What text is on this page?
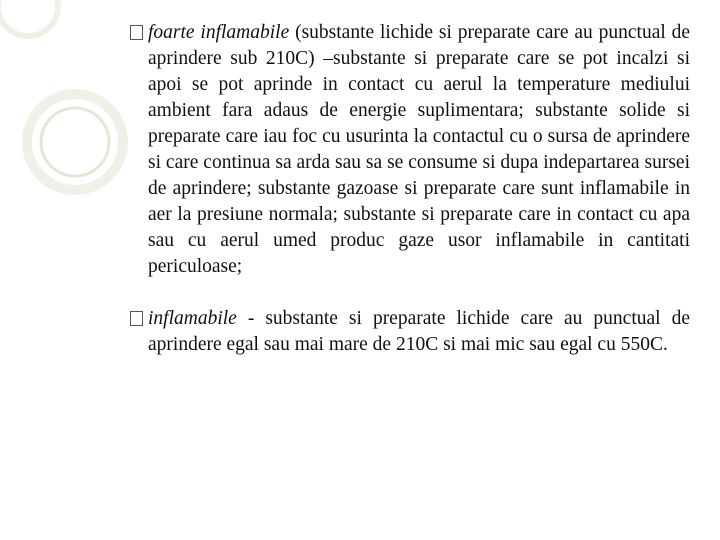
foarte inflamabile (substante lichide si preparate care au punctual de aprindere sub 210C) –substante si preparate care se pot incalzi si apoi se pot aprinde in contact cu aerul la temperature mediului ambient fara adaus de energie suplimentara; substante solide si preparate care iau foc cu usurinta la contactul cu o sursa de aprindere si care continua sa arda sau sa se consume si dupa indepartarea sursei de aprindere; substante gazoase si preparate care sunt inflamabile in aer la presiune normala; substante si preparate care in contact cu apa sau cu aerul umed produc gaze usor inflamabile in cantitati periculoase;

inflamabile - substante si preparate lichide care au punctual de aprindere egal sau mai mare de 210C si mai mic sau egal cu 550C.
